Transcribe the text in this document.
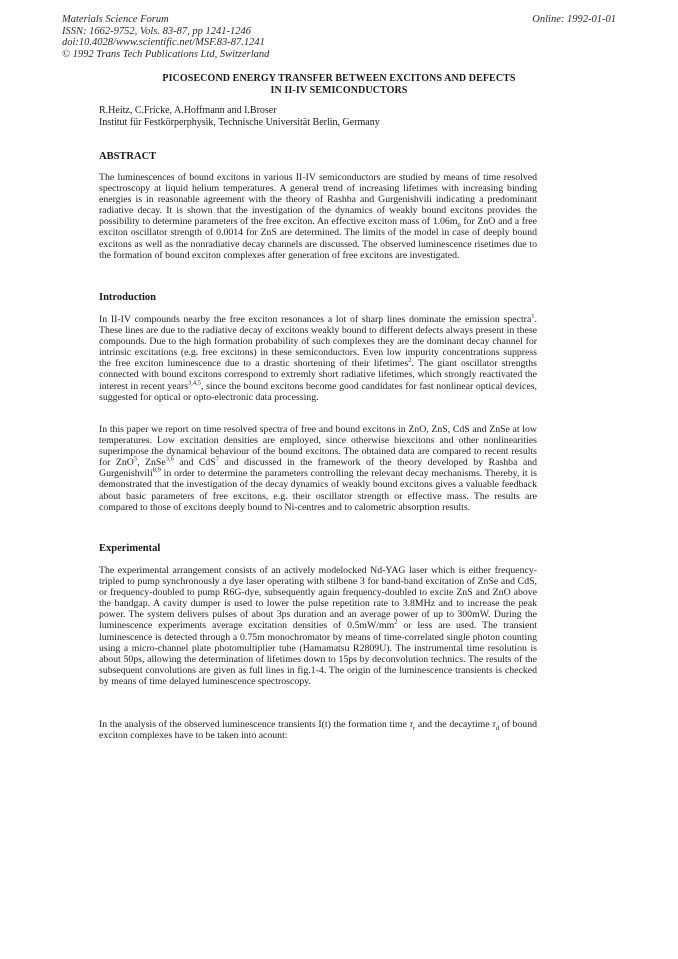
Materials Science Forum
ISSN: 1662-9752, Vols. 83-87, pp 1241-1246
doi:10.4028/www.scientific.net/MSF.83-87.1241
© 1992 Trans Tech Publications Ltd, Switzerland
Online: 1992-01-01
PICOSECOND ENERGY TRANSFER BETWEEN EXCITONS AND DEFECTS
IN II-IV SEMICONDUCTORS
R.Heitz, C.Fricke, A.Hoffmann and I.Broser
Institut für Festkörperphysik, Technische Universität Berlin, Germany
ABSTRACT

The luminescences of bound excitons in various II-IV semiconductors are studied by means of time resolved spectroscopy at liquid helium temperatures. A general trend of increasing lifetimes with increasing binding energies is in reasonable agreement with the theory of Rashba and Gurgenishvili indicating a predominant radiative decay. It is shown that the investigation of the dynamics of weakly bound excitons provides the possibility to determine parameters of the free exciton. An effective exciton mass of $1.06m_0$ for ZnO and a free exciton oscillator strength of 0.0014 for ZnS are determined. The limits of the model in case of deeply bound excitons as well as the nonradiative decay channels are discussed. The observed luminescence risetimes due to the formation of bound exciton complexes after generation of free excitons are investigated.

Introduction

In II-IV compounds nearby the free exciton resonances a lot of sharp lines dominate the emission spectra$^1$. These lines are due to the radiative decay of excitons weakly bound to different defects always present in these compounds. Due to the high formation probability of such complexes they are the dominant decay channel for intrinsic excitations (e.g. free excitons) in these semiconductors. Even low impurity concentrations suppress the free exciton luminescence due to a drastic shortening of their lifetimes$^2$. The giant oscillator strengths connected with bound excitons correspond to extremly short radiative lifetimes, which strongly reactivated the interest in recent years$^{3,4,5}$, since the bound excitons become good candidates for fast nonlinear optical devices, suggested for optical or opto-electronic data processing.

In this paper we report on time resolved spectra of free and bound excitons in ZnO, ZnS, CdS and ZnSe at low temperatures. Low excitation densities are employed, since otherwise biexcitons and other nonlinearities superimpose the dynamical behaviour of the bound excitons. The obtained data are compared to recent results for ZnO$^5$, ZnSe$^{3,6}$ and CdS$^7$ and discussed in the framework of the theory developed by Rashba and Gurgenishvili$^{8,9}$ in order to determine the parameters controlling the relevant decay mechanisms. Thereby, it is demonstrated that the investigation of the decay dynamics of weakly bound excitons gives a valuable feedback about basic parameters of free excitons, e.g. their oscillator strength or effective mass. The results are compared to those of excitons deeply bound to Ni-centres and to calometric absorption results.

Experimental

The experimental arrangement consists of an actively modelocked Nd-YAG laser which is either frequency-tripled to pump synchronously a dye laser operating with stilbene 3 for band-band excitation of ZnSe and CdS, or frequency-doubled to pump R6G-dye, subsequently again frequency-doubled to excite ZnS and ZnO above the bandgap. A cavity dumper is used to lower the pulse repetition rate to 3.8MHz and to increase the peak power. The system delivers pulses of about 3ps duration and an average power of up to 300mW. During the luminescence experiments average excitation densities of $0.5mW/mm^2$ or less are used. The transient luminescence is detected through a 0.75m monochromator by means of time-correlated single photon counting using a micro-channel plate photomultiplier tube (Hamamatsu R2809U). The instrumental time resolution is about 50ps, allowing the determination of lifetimes down to 15ps by deconvolution technics. The results of the subsequent convolutions are given as full lines in fig.1-4. The origin of the luminescence transients is checked by means of time delayed luminescence spectroscopy.

In the analysis of the observed luminescence transients I(t) the formation time $\tau_r$ and the decaytime $\tau_d$ of bound exciton complexes have to be taken into acount:
